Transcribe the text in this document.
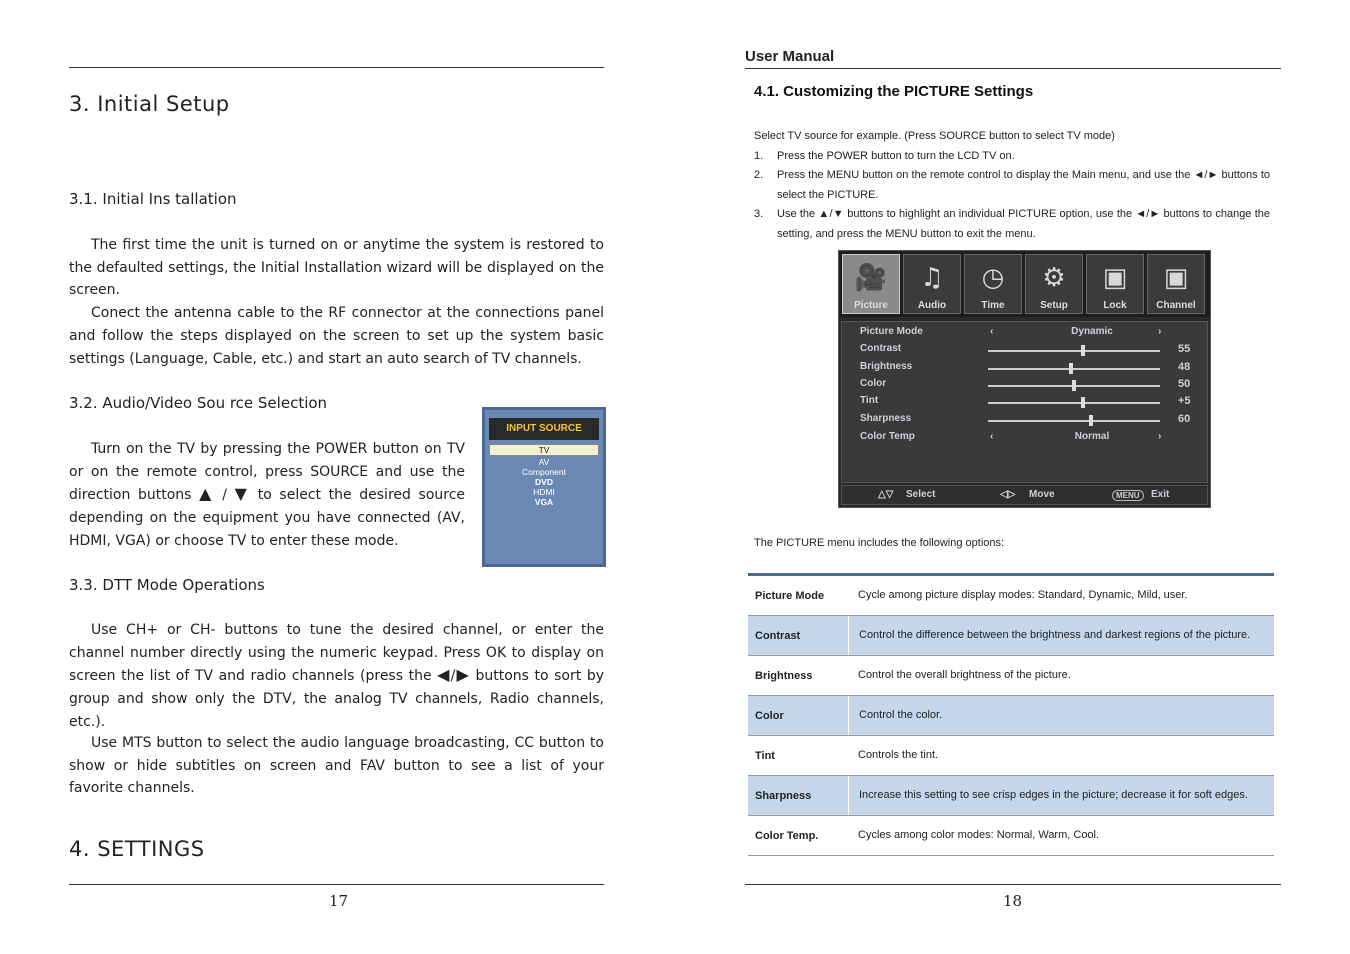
3. Initial Setup
3.1. Initial Ins tallation
The first time the unit is turned on or anytime the system is restored to the defaulted settings, the Initial Installation wizard will be displayed on the screen.
Conect the antenna cable to the RF connector at the connections panel and follow the steps displayed on the screen to set up the system basic settings (Language, Cable, etc.) and start an auto search of TV channels.
3.2. Audio/Video Sou rce Selection
Turn on the TV by pressing the POWER button on TV or on the remote control, press SOURCE and use the direction buttons ▲ / ▼ to select the desired source depending on the equipment you have connected (AV, HDMI, VGA) or choose TV to enter these mode.
INPUT SOURCE
TV
AV
Component
DVD
HDMI
VGA
3.3. DTT Mode Operations
Use CH+ or CH- buttons to tune the desired channel, or enter the channel number directly using the numeric keypad. Press OK to display on screen the list of TV and radio channels (press the ◀/▶ buttons to sort by group and show only the DTV, the analog TV channels, Radio channels, etc.).
Use MTS button to select the audio language broadcasting, CC button to show or hide subtitles on screen and FAV button to see a list of your favorite channels.
4. SETTINGS
17
User Manual
4.1. Customizing the PICTURE Settings
Select TV source for example. (Press SOURCE button to select TV mode)
1. Press the POWER button to turn the LCD TV on.
2. Press the MENU button on the remote control to display the Main menu, and use the ◄/► buttons to select the PICTURE.
3. Use the ▲/▼ buttons to highlight an individual PICTURE option, use the ◄/► buttons to change the setting, and press the MENU button to exit the menu.
🎥
Picture
♫
Audio
◷
Time
⚙
Setup
▣
Lock
▣
Channel
Picture Mode	‹	Dynamic	›
Contrast	55
Brightness	48
Color	50
Tint	+5
Sharpness	60
Color Temp	‹	Normal	›
△▽ Select	◁▷ Move	MENU	Exit
The PICTURE menu includes the following options:
Picture Mode	Cycle among picture display modes: Standard, Dynamic, Mild, user.
Contrast	Control the difference between the brightness and darkest regions of the picture.
Brightness	Control the overall brightness of the picture.
Color	Control the color.
Tint	Controls the tint.
Sharpness	Increase this setting to see crisp edges in the picture; decrease it for soft edges.
Color Temp.	Cycles among color modes: Normal, Warm, Cool.
18
